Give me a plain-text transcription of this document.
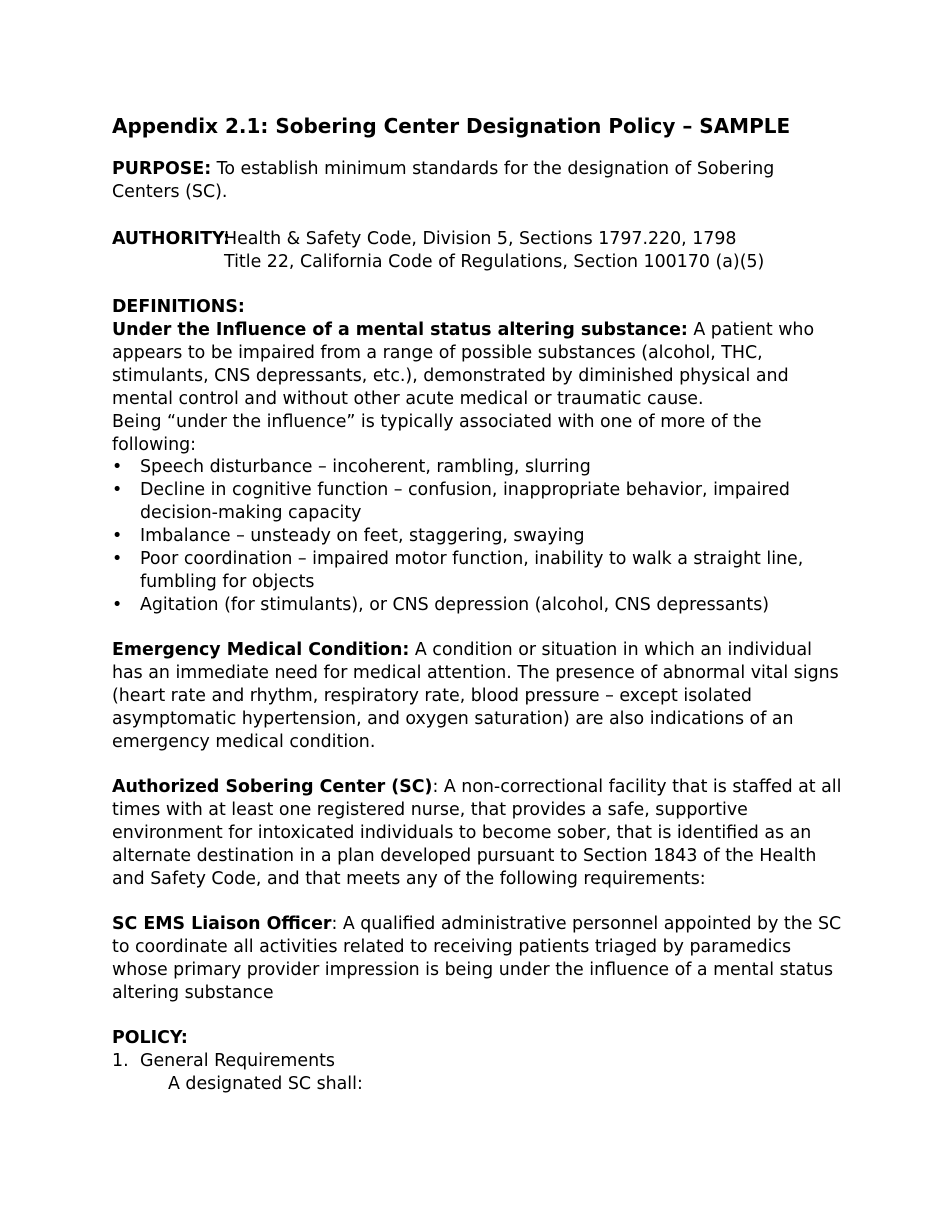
Appendix 2.1: Sobering Center Designation Policy – SAMPLE
PURPOSE: To establish minimum standards for the designation of Sobering Centers (SC).
AUTHORITY:
Health & Safety Code, Division 5, Sections 1797.220, 1798
Title 22, California Code of Regulations, Section 100170 (a)(5)
DEFINITIONS:
Under the Influence of a mental status altering substance: A patient who appears to be impaired from a range of possible substances (alcohol, THC, stimulants, CNS depressants, etc.), demonstrated by diminished physical and mental control and without other acute medical or traumatic cause.
Being “under the influence” is typically associated with one of more of the following:
•	Speech disturbance – incoherent, rambling, slurring
•	Decline in cognitive function – confusion, inappropriate behavior, impaired decision-making capacity
•	Imbalance – unsteady on feet, staggering, swaying
•	Poor coordination – impaired motor function, inability to walk a straight line, fumbling for objects
•	Agitation (for stimulants), or CNS depression (alcohol, CNS depressants)
Emergency Medical Condition: A condition or situation in which an individual has an immediate need for medical attention. The presence of abnormal vital signs (heart rate and rhythm, respiratory rate, blood pressure – except isolated asymptomatic hypertension, and oxygen saturation) are also indications of an emergency medical condition.
Authorized Sobering Center (SC): A non-correctional facility that is staffed at all times with at least one registered nurse, that provides a safe, supportive environment for intoxicated individuals to become sober, that is identified as an alternate destination in a plan developed pursuant to Section 1843 of the Health and Safety Code, and that meets any of the following requirements:
SC EMS Liaison Officer: A qualified administrative personnel appointed by the SC to coordinate all activities related to receiving patients triaged by paramedics whose primary provider impression is being under the influence of a mental status altering substance
POLICY:
1. General Requirements
A designated SC shall:
